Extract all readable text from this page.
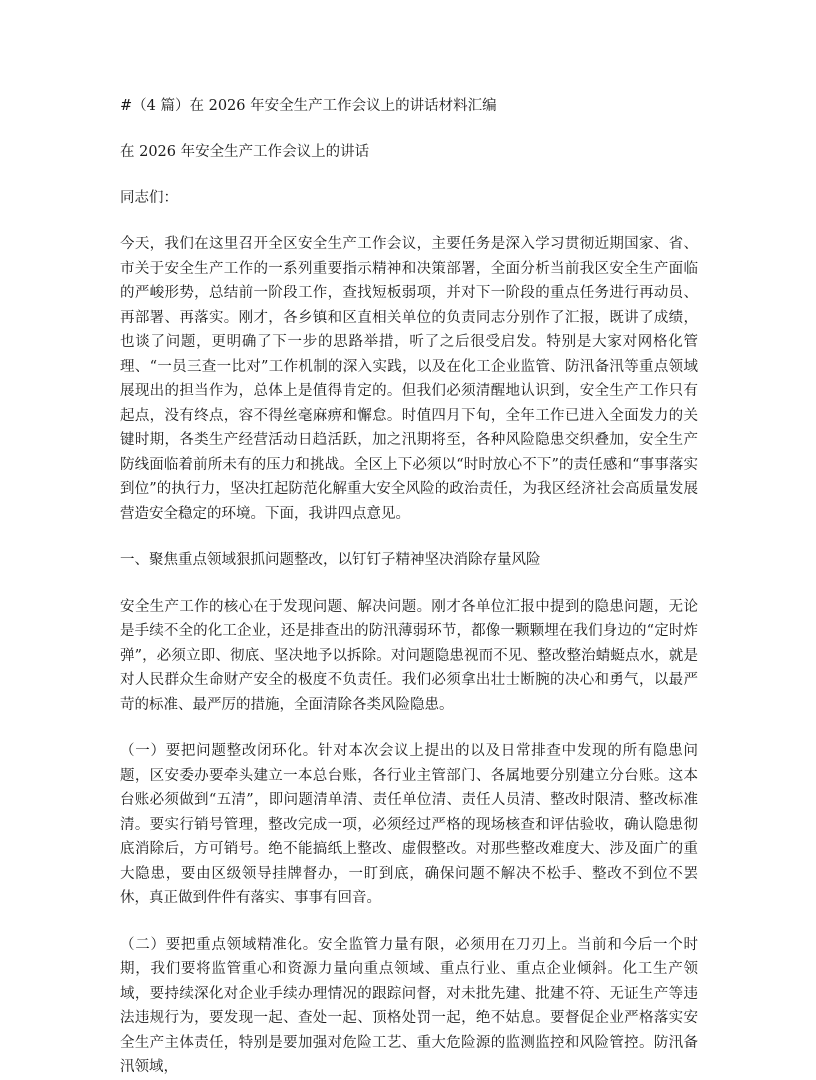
#（4 篇）在 2026 年安全生产工作会议上的讲话材料汇编
在 2026 年安全生产工作会议上的讲话
同志们：

今天，我们在这里召开全区安全生产工作会议，主要任务是深入学习贯彻近期国家、省、市关于安全生产工作的一系列重要指示精神和决策部署，全面分析当前我区安全生产面临的严峻形势，总结前一阶段工作，查找短板弱项，并对下一阶段的重点任务进行再动员、再部署、再落实。刚才，各乡镇和区直相关单位的负责同志分别作了汇报，既讲了成绩，也谈了问题，更明确了下一步的思路举措，听了之后很受启发。特别是大家对网格化管理、“一员三查一比对”工作机制的深入实践，以及在化工企业监管、防汛备汛等重点领域展现出的担当作为，总体上是值得肯定的。但我们必须清醒地认识到，安全生产工作只有起点，没有终点，容不得丝毫麻痹和懈怠。时值四月下旬，全年工作已进入全面发力的关键时期，各类生产经营活动日趋活跃，加之汛期将至，各种风险隐患交织叠加，安全生产防线面临着前所未有的压力和挑战。全区上下必须以“时时放心不下”的责任感和“事事落实到位”的执行力，坚决扛起防范化解重大安全风险的政治责任，为我区经济社会高质量发展营造安全稳定的环境。下面，我讲四点意见。

一、聚焦重点领域狠抓问题整改，以钉钉子精神坚决消除存量风险

安全生产工作的核心在于发现问题、解决问题。刚才各单位汇报中提到的隐患问题，无论是手续不全的化工企业，还是排查出的防汛薄弱环节，都像一颗颗埋在我们身边的“定时炸弹”，必须立即、彻底、坚决地予以拆除。对问题隐患视而不见、整改整治蜻蜓点水，就是对人民群众生命财产安全的极度不负责任。我们必须拿出壮士断腕的决心和勇气，以最严苛的标准、最严厉的措施，全面清除各类风险隐患。

（一）要把问题整改闭环化。针对本次会议上提出的以及日常排查中发现的所有隐患问题，区安委办要牵头建立一本总台账，各行业主管部门、各属地要分别建立分台账。这本台账必须做到“五清”，即问题清单清、责任单位清、责任人员清、整改时限清、整改标准清。要实行销号管理，整改完成一项，必须经过严格的现场核查和评估验收，确认隐患彻底消除后，方可销号。绝不能搞纸上整改、虚假整改。对那些整改难度大、涉及面广的重大隐患，要由区级领导挂牌督办，一盯到底，确保问题不解决不松手、整改不到位不罢休，真正做到件件有落实、事事有回音。

（二）要把重点领域精准化。安全监管力量有限，必须用在刀刃上。当前和今后一个时期，我们要将监管重心和资源力量向重点领域、重点行业、重点企业倾斜。化工生产领域，要持续深化对企业手续办理情况的跟踪问督，对未批先建、批建不符、无证生产等违法违规行为，要发现一起、查处一起、顶格处罚一起，绝不姑息。要督促企业严格落实安全生产主体责任，特别是要加强对危险工艺、重大危险源的监测监控和风险管控。防汛备汛领域，
